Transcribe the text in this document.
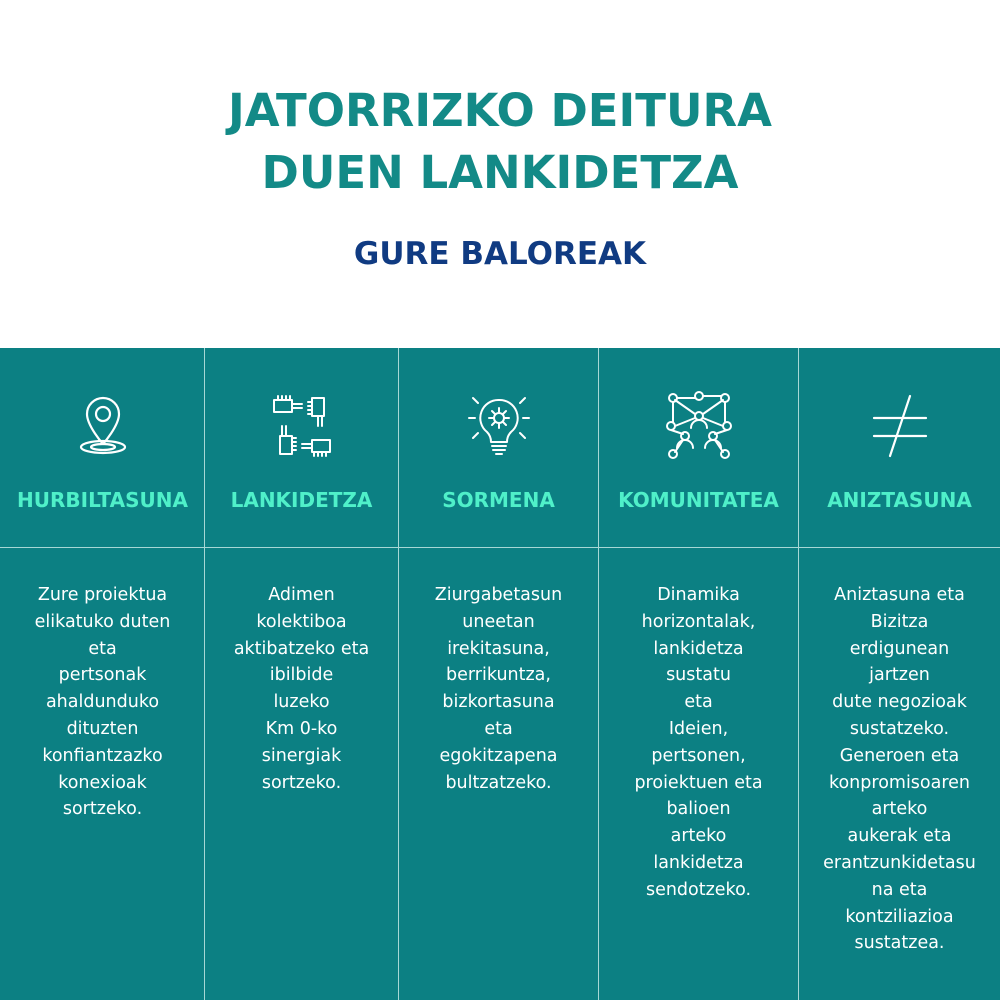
JATORRIZKO DEITURA
DUEN LANKIDETZA
GURE BALOREAK
HURBILTASUNA
Zure proiektua
elikatuko duten
eta
pertsonak
ahaldunduko
dituzten
konfiantzazko
konexioak
sortzeko.
LANKIDETZA
Adimen
kolektiboa
aktibatzeko eta
ibilbide
luzeko
Km 0-ko
sinergiak
sortzeko.
SORMENA
Ziurgabetasun
uneetan
irekitasuna,
berrikuntza,
bizkortasuna
eta
egokitzapena
bultzatzeko.
KOMUNITATEA
Dinamika
horizontalak,
lankidetza
sustatu
eta
Ideien,
pertsonen,
proiektuen eta
balioen
arteko
lankidetza
sendotzeko.
ANIZTASUNA
Aniztasuna eta
Bizitza
erdigunean
jartzen
dute negozioak
sustatzeko.
Generoen eta
konpromisoaren
arteko
aukerak eta
erantzunkidetasu
na eta
kontziliazioa
sustatzea.
